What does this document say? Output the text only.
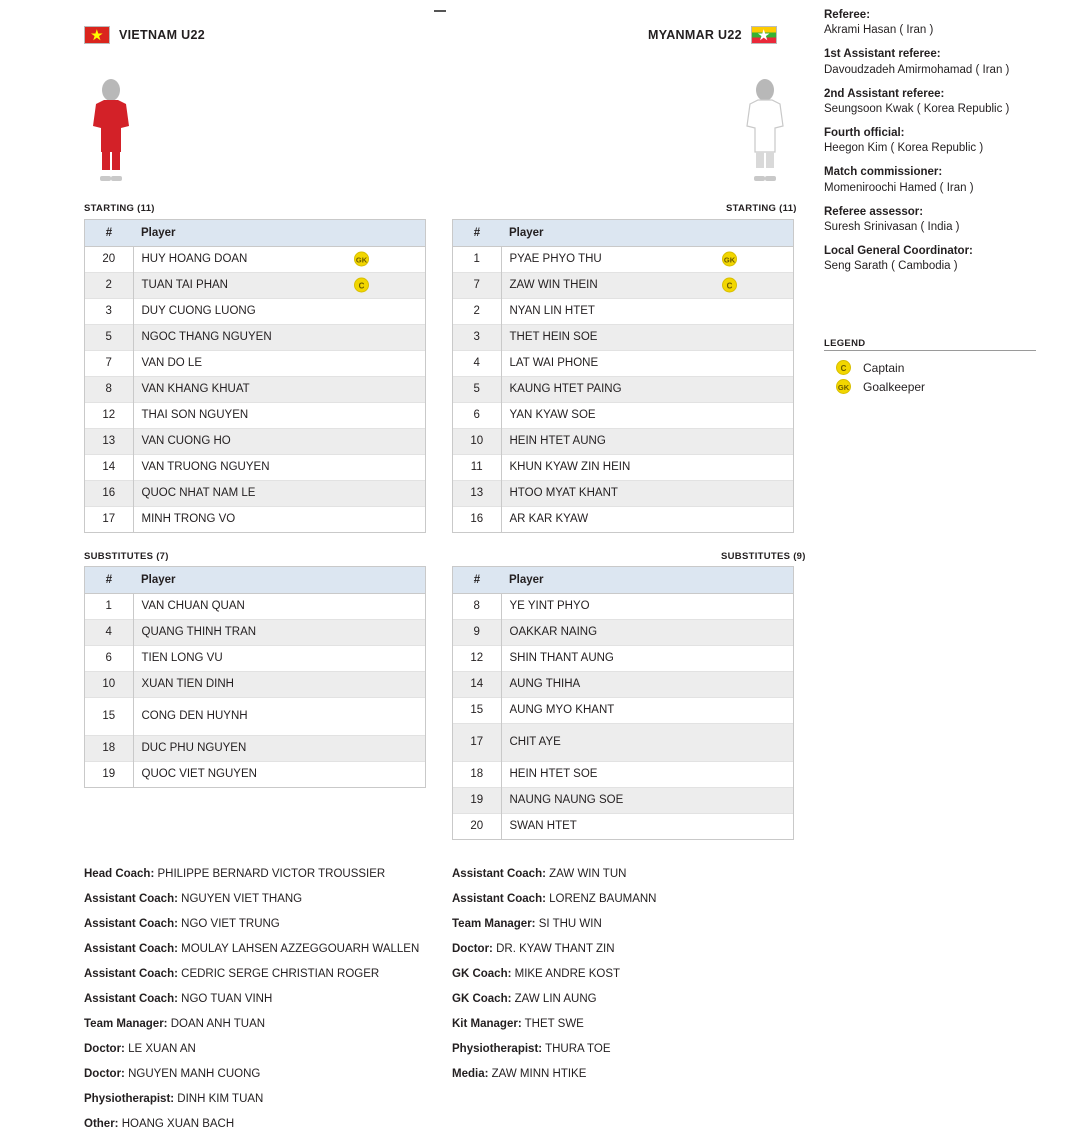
★
VIETNAM U22	MYANMAR U22
★
STARTING (11)	STARTING (11)
SUBSTITUTES (7)	SUBSTITUTES (9)
#	Player
20	HUY HOANG DOAN GK

2	TUAN TAI PHAN C

3	DUY CUONG LUONG
5	NGOC THANG NGUYEN
7	VAN DO LE
8	VAN KHANG KHUAT
12	THAI SON NGUYEN
13	VAN CUONG HO
14	VAN TRUONG NGUYEN
16	QUOC NHAT NAM LE
17	MINH TRONG VO
#	Player
1	PYAE PHYO THU GK

7	ZAW WIN THEIN C

2	NYAN LIN HTET
3	THET HEIN SOE
4	LAT WAI PHONE
5	KAUNG HTET PAING
6	YAN KYAW SOE
10	HEIN HTET AUNG
11	KHUN KYAW ZIN HEIN
13	HTOO MYAT KHANT
16	AR KAR KYAW
#	Player
1	VAN CHUAN QUAN
4	QUANG THINH TRAN
6	TIEN LONG VU
10	XUAN TIEN DINH
15	CONG DEN HUYNH
18	DUC PHU NGUYEN
19	QUOC VIET NGUYEN
#	Player
8	YE YINT PHYO
9	OAKKAR NAING
12	SHIN THANT AUNG
14	AUNG THIHA
15	AUNG MYO KHANT
17	CHIT AYE
18	HEIN HTET SOE
19	NAUNG NAUNG SOE
20	SWAN HTET
Referee:
Akrami Hasan ( Iran )
1st Assistant referee:
Davoudzadeh Amirmohamad ( Iran )
2nd Assistant referee:
Seungsoon Kwak ( Korea Republic )
Fourth official:
Heegon Kim ( Korea Republic )
Match commissioner:
Momeniroochi Hamed ( Iran )
Referee assessor:
Suresh Srinivasan ( India )
Local General Coordinator:
Seng Sarath ( Cambodia )
LEGEND
C	Captain
GK Goalkeeper
Head Coach: PHILIPPE BERNARD VICTOR TROUSSIER
Assistant Coach: NGUYEN VIET THANG
Assistant Coach: NGO VIET TRUNG
Assistant Coach: MOULAY LAHSEN AZZEGGOUARH WALLEN
Assistant Coach: CEDRIC SERGE CHRISTIAN ROGER
Assistant Coach: NGO TUAN VINH
Team Manager: DOAN ANH TUAN
Doctor: LE XUAN AN
Doctor: NGUYEN MANH CUONG
Physiotherapist: DINH KIM TUAN
Other: HOANG XUAN BACH
Assistant Coach: ZAW WIN TUN
Assistant Coach: LORENZ BAUMANN
Team Manager: SI THU WIN
Doctor: DR. KYAW THANT ZIN
GK Coach: MIKE ANDRE KOST
GK Coach: ZAW LIN AUNG
Kit Manager: THET SWE
Physiotherapist: THURA TOE
Media: ZAW MINN HTIKE
